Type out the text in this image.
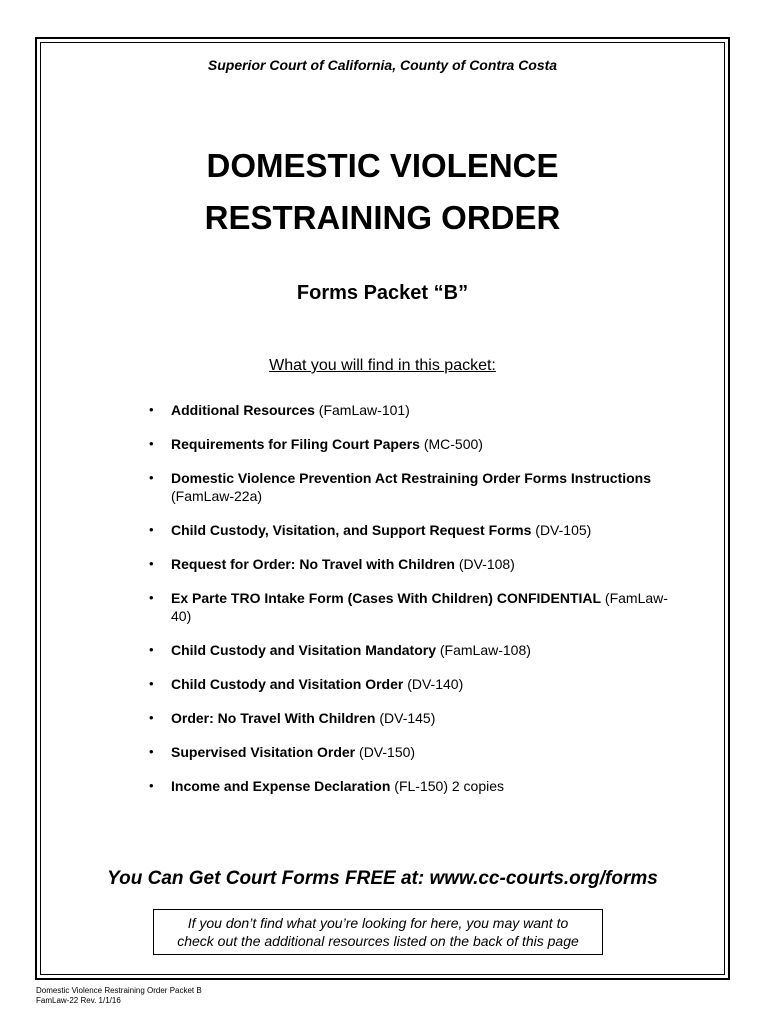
Superior Court of California, County of Contra Costa
DOMESTIC VIOLENCE
RESTRAINING ORDER
Forms Packet “B”
What you will find in this packet:
• Additional Resources (FamLaw-101)
• Requirements for Filing Court Papers (MC-500)
• Domestic Violence Prevention Act Restraining Order Forms Instructions (FamLaw-22a)
• Child Custody, Visitation, and Support Request Forms (DV-105)
• Request for Order: No Travel with Children (DV-108)
• Ex Parte TRO Intake Form (Cases With Children) CONFIDENTIAL (FamLaw-40)
• Child Custody and Visitation Mandatory (FamLaw-108)
• Child Custody and Visitation Order (DV-140)
• Order: No Travel With Children (DV-145)
• Supervised Visitation Order (DV-150)
• Income and Expense Declaration (FL-150) 2 copies
You Can Get Court Forms FREE at: www.cc-courts.org/forms
If you don’t find what you’re looking for here, you may want to
check out the additional resources listed on the back of this page
Domestic Violence Restraining Order Packet B
FamLaw-22 Rev. 1/1/16
